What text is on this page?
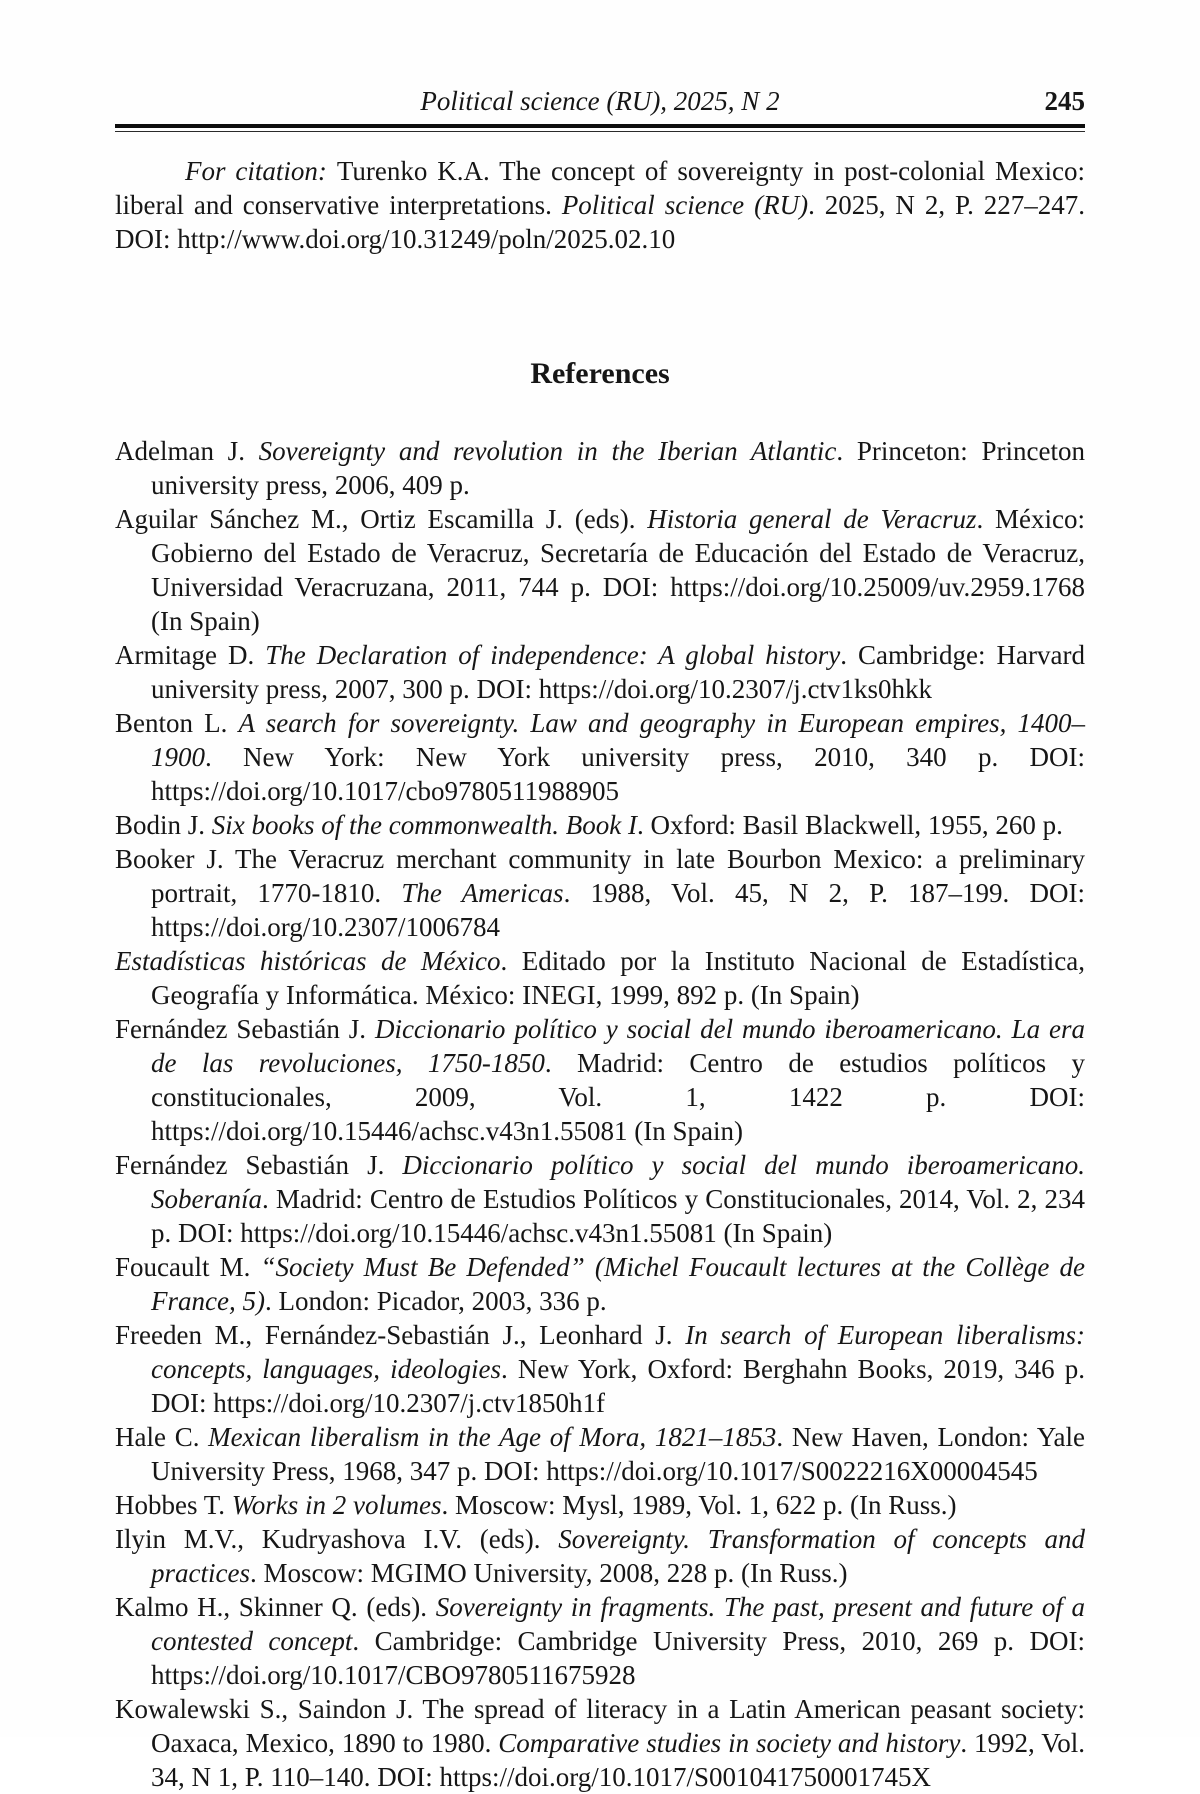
Political science (RU), 2025, N 2	245

For citation: Turenko K.A. The concept of sovereignty in post-colonial Mexico: liberal and conservative interpretations. Political science (RU). 2025, N 2, P. 227–247. DOI: http://www.doi.org/10.31249/poln/2025.02.10

References

Adelman J. Sovereignty and revolution in the Iberian Atlantic. Princeton: Princeton university press, 2006, 409 p.

Aguilar Sánchez M., Ortiz Escamilla J. (eds). Historia general de Veracruz. México: Gobierno del Estado de Veracruz, Secretaría de Educación del Estado de Veracruz, Universidad Veracruzana, 2011, 744 p. DOI: https://doi.org/10.25009/uv.2959.1768 (In Spain)

Armitage D. The Declaration of independence: A global history. Cambridge: Harvard university press, 2007, 300 p. DOI: https://doi.org/10.2307/j.ctv1ks0hkk

Benton L. A search for sovereignty. Law and geography in European empires, 1400–1900. New York: New York university press, 2010, 340 p. DOI: https://doi.org/10.1017/cbo9780511988905

Bodin J. Six books of the commonwealth. Book I. Oxford: Basil Blackwell, 1955, 260 p.

Booker J. The Veracruz merchant community in late Bourbon Mexico: a preliminary portrait, 1770-1810. The Americas. 1988, Vol. 45, N 2, P. 187–199. DOI: https://doi.org/10.2307/1006784

Estadísticas históricas de México. Editado por la Instituto Nacional de Estadística, Geografía y Informática. México: INEGI, 1999, 892 p. (In Spain)

Fernández Sebastián J. Diccionario político y social del mundo iberoamericano. La era de las revoluciones, 1750-1850. Madrid: Centro de estudios políticos y constitucionales, 2009, Vol. 1, 1422 p. DOI: https://doi.org/10.15446/achsc.v43n1.55081 (In Spain)

Fernández Sebastián J. Diccionario político y social del mundo iberoamericano. Soberanía. Madrid: Centro de Estudios Políticos y Constitucionales, 2014, Vol. 2, 234 p. DOI: https://doi.org/10.15446/achsc.v43n1.55081 (In Spain)

Foucault M. “Society Must Be Defended” (Michel Foucault lectures at the Collège de France, 5). London: Picador, 2003, 336 p.

Freeden M., Fernández-Sebastián J., Leonhard J. In search of European liberalisms: concepts, languages, ideologies. New York, Oxford: Berghahn Books, 2019, 346 p. DOI: https://doi.org/10.2307/j.ctv1850h1f

Hale C. Mexican liberalism in the Age of Mora, 1821–1853. New Haven, London: Yale University Press, 1968, 347 p. DOI: https://doi.org/10.1017/S0022216X00004545

Hobbes T. Works in 2 volumes. Moscow: Mysl, 1989, Vol. 1, 622 p. (In Russ.)

Ilyin M.V., Kudryashova I.V. (eds). Sovereignty. Transformation of concepts and practices. Moscow: MGIMO University, 2008, 228 p. (In Russ.)

Kalmo H., Skinner Q. (eds). Sovereignty in fragments. The past, present and future of a contested concept. Cambridge: Cambridge University Press, 2010, 269 p. DOI: https://doi.org/10.1017/CBO9780511675928

Kowalewski S., Saindon J. The spread of literacy in a Latin American peasant society: Oaxaca, Mexico, 1890 to 1980. Comparative studies in society and history. 1992, Vol. 34, N 1, P. 110–140. DOI: https://doi.org/10.1017/S001041750001745X
